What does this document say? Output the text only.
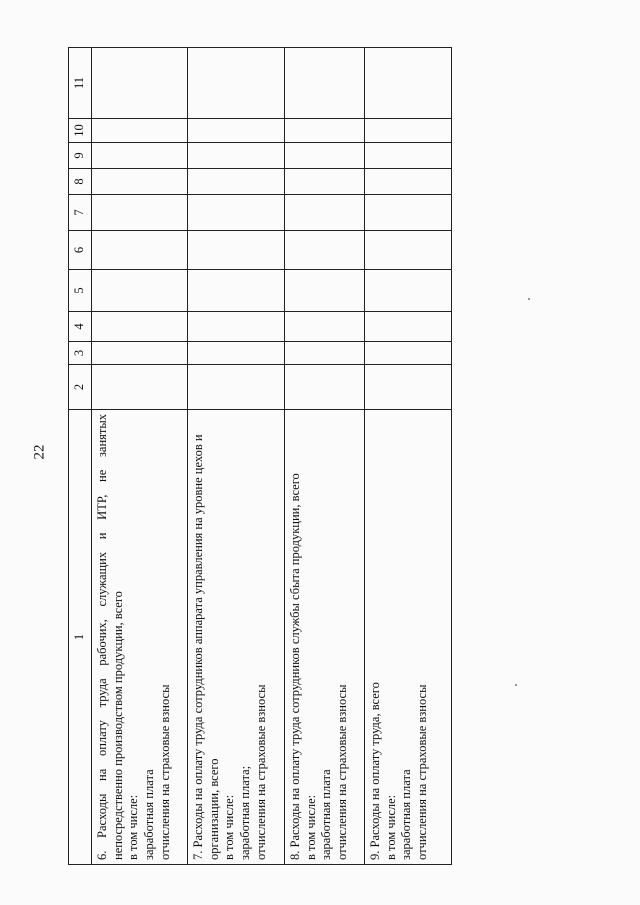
22
1	2	3	4	5	6	7	8	9	10	11

6. Расходы на оплату труда рабочих, служащих и ИТР, не занятых непосредственно производством продукции, всего в том числе: заработная плата отчисления на страховые взносы										

7. Расходы на оплату труда сотрудников аппарата управления на уровне цехов и организации, всего в том числе: заработная плата; отчисления на страховые взносы										

8. Расходы на оплату труда сотрудников службы сбыта продукции, всего в том числе: заработная плата отчисления на страховые взносы										

9. Расходы на оплату труда, всего в том числе: заработная плата отчисления на страховые взносы										
